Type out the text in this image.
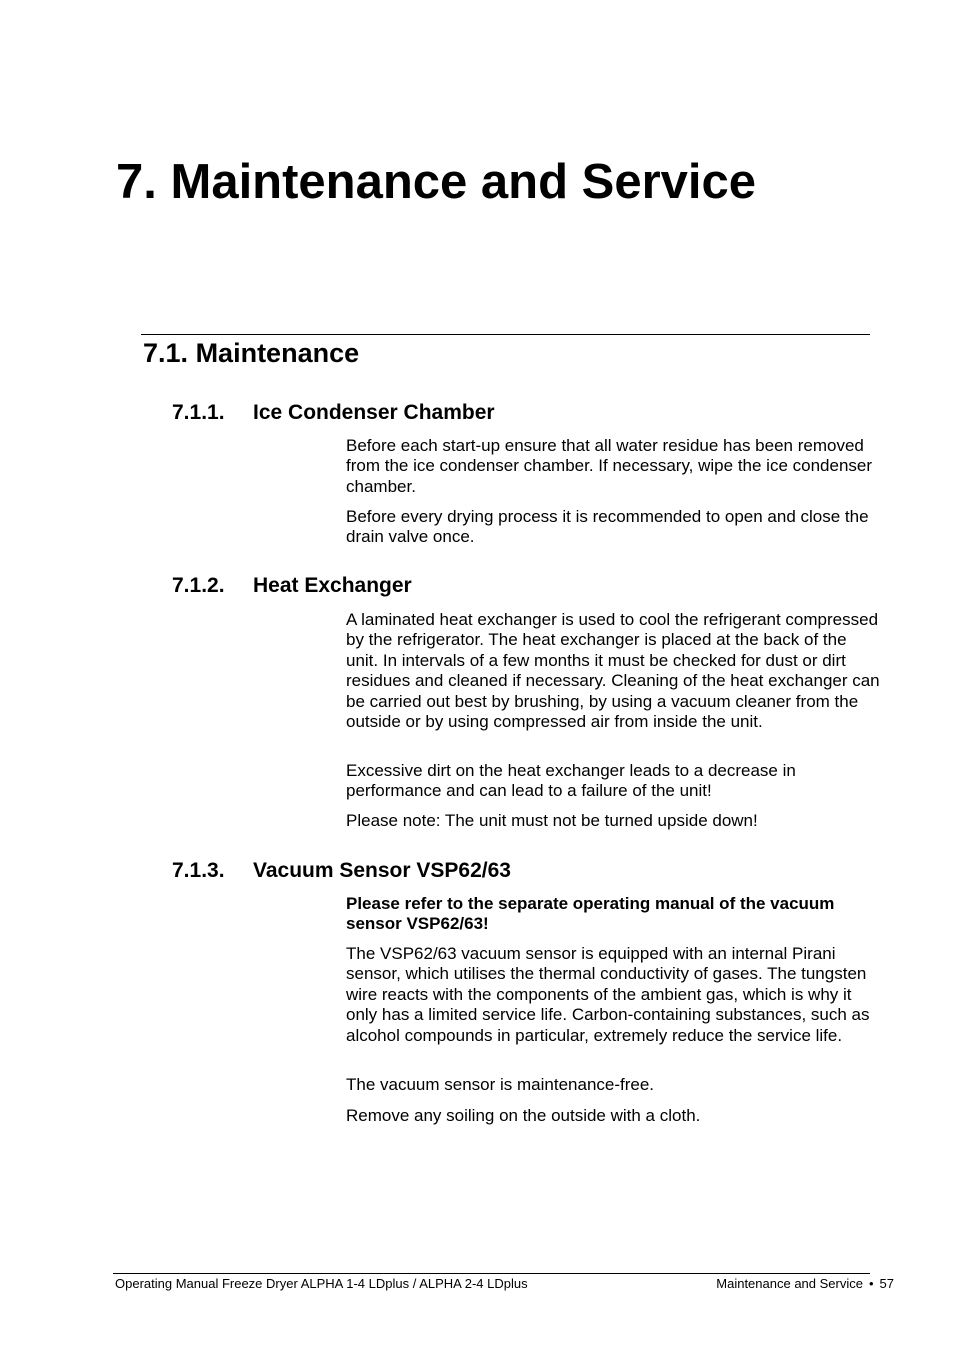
7. Maintenance and Service
7.1. Maintenance
7.1.1. Ice Condenser Chamber

Before each start-up ensure that all water residue has been removed from the ice condenser chamber. If necessary, wipe the ice condenser chamber.

Before every drying process it is recommended to open and close the drain valve once.

7.1.2. Heat Exchanger

A laminated heat exchanger is used to cool the refrigerant compressed by the refrigerator. The heat exchanger is placed at the back of the unit. In intervals of a few months it must be checked for dust or dirt residues and cleaned if necessary. Cleaning of the heat exchanger can be carried out best by brushing, by using a vacuum cleaner from the outside or by using compressed air from inside the unit.

Excessive dirt on the heat exchanger leads to a decrease in performance and can lead to a failure of the unit!

Please note: The unit must not be turned upside down!

7.1.3. Vacuum Sensor VSP62/63

Please refer to the separate operating manual of the vacuum sensor VSP62/63!

The VSP62/63 vacuum sensor is equipped with an internal Pirani sensor, which utilises the thermal conductivity of gases. The tungsten wire reacts with the components of the ambient gas, which is why it only has a limited service life. Carbon-containing substances, such as alcohol compounds in particular, extremely reduce the service life.

The vacuum sensor is maintenance-free.

Remove any soiling on the outside with a cloth.

Operating Manual Freeze Dryer ALPHA 1-4 LDplus / ALPHA 2-4 LDplus	Maintenance and Service • 57
